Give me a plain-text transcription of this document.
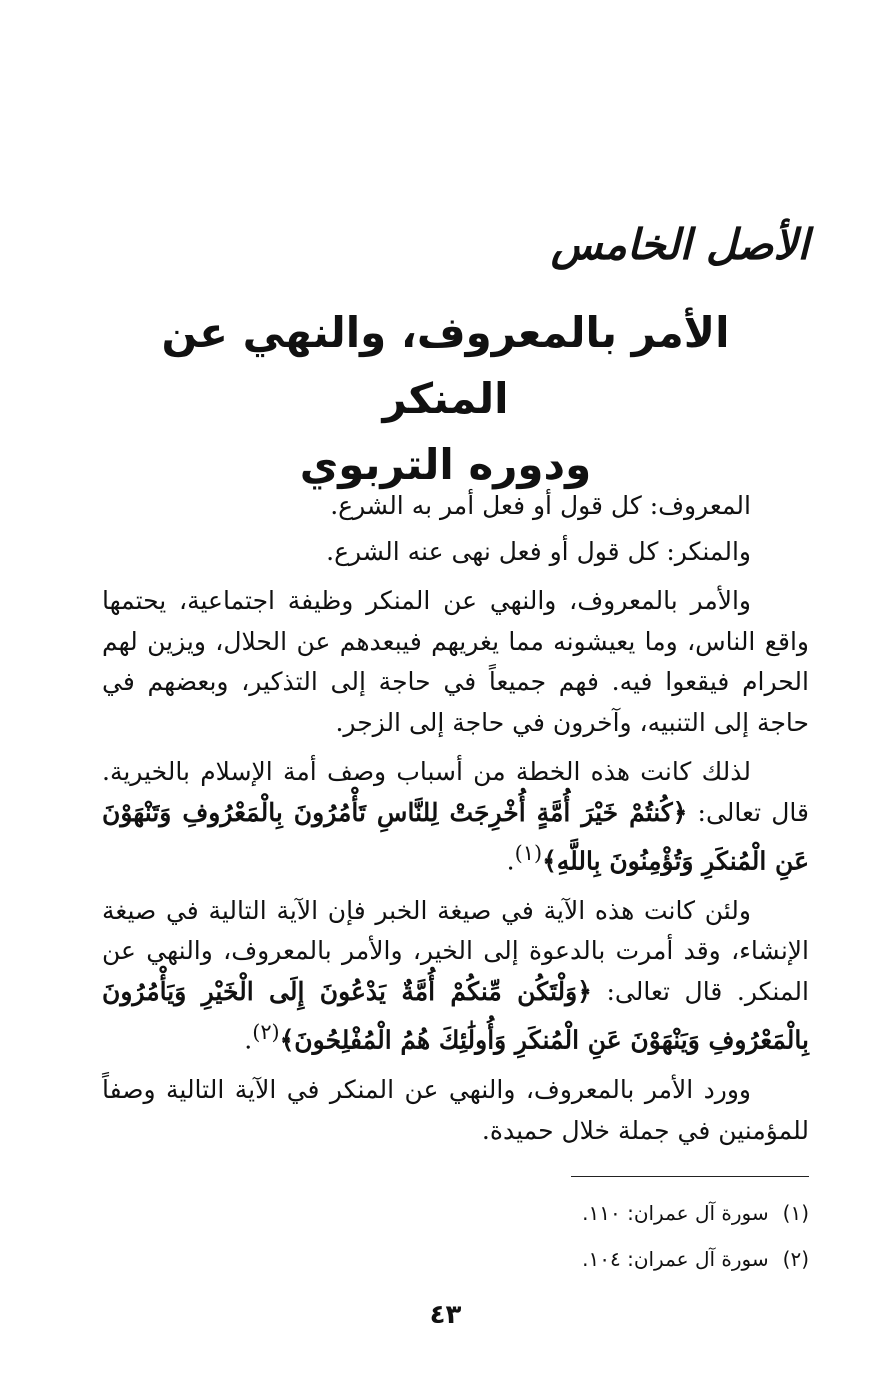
الأصل الخامس
الأمر بالمعروف، والنهي عن المنكر
ودوره التربوي

المعروف: كل قول أو فعل أمر به الشرع.

والمنكر: كل قول أو فعل نهى عنه الشرع.

والأمر بالمعروف، والنهي عن المنكر وظيفة اجتماعية، يحتمها واقع الناس، وما يعيشونه مما يغريهم فيبعدهم عن الحلال، ويزين لهم الحرام فيقعوا فيه. فهم جميعاً في حاجة إلى التذكير، وبعضهم في حاجة إلى التنبيه، وآخرون في حاجة إلى الزجر.

لذلك كانت هذه الخطة من أسباب وصف أمة الإسلام بالخيرية. قال تعالى: ﴿كُنتُمْ خَيْرَ أُمَّةٍ أُخْرِجَتْ لِلنَّاسِ تَأْمُرُونَ بِالْمَعْرُوفِ وَتَنْهَوْنَ عَنِ الْمُنكَرِ وَتُؤْمِنُونَ بِاللَّهِ﴾$^{(١)}$.

ولئن كانت هذه الآية في صيغة الخبر فإن الآية التالية في صيغة الإنشاء، وقد أمرت بالدعوة إلى الخير، والأمر بالمعروف، والنهي عن المنكر. قال تعالى: ﴿وَلْتَكُن مِّنكُمْ أُمَّةٌ يَدْعُونَ إِلَى الْخَيْرِ وَيَأْمُرُونَ بِالْمَعْرُوفِ وَيَنْهَوْنَ عَنِ الْمُنكَرِ وَأُولَٰئِكَ هُمُ الْمُفْلِحُونَ﴾$^{(٢)}$.

وورد الأمر بالمعروف، والنهي عن المنكر في الآية التالية وصفاً للمؤمنين في جملة خلال حميدة.

(١)سورة آل عمران: ١١٠.
(٢)سورة آل عمران: ١٠٤.
٤٣
